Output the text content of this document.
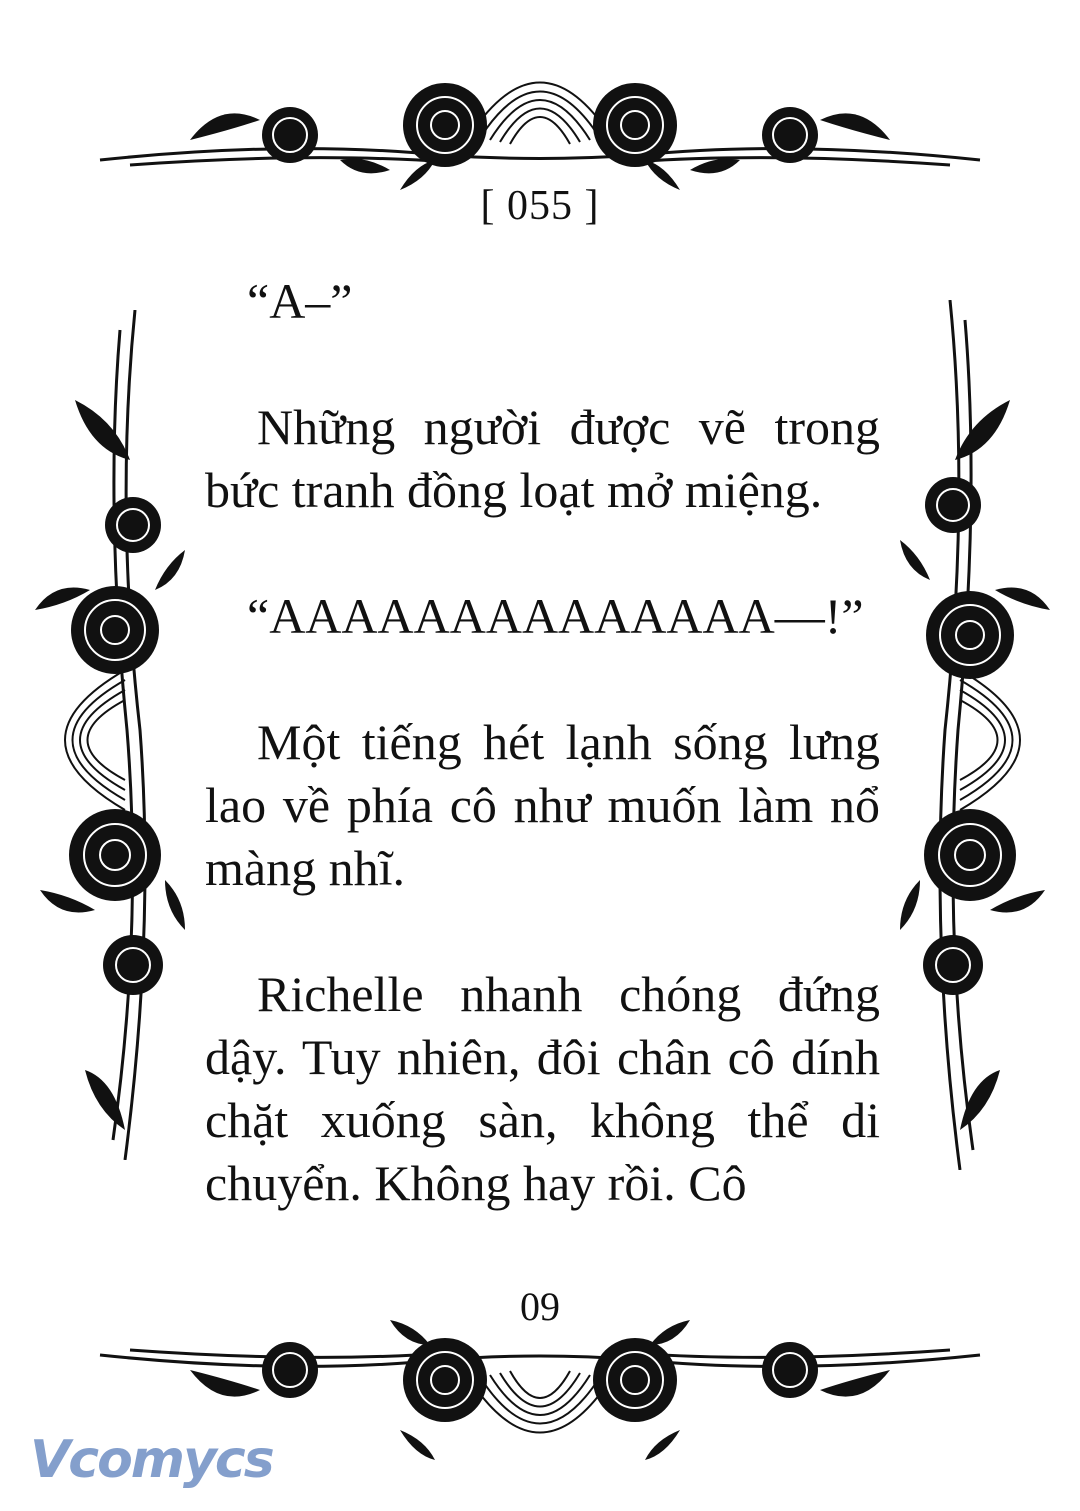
[ 055 ]

“A–”

Những người được vẽ trong bức tranh đồng loạt mở miệng.

“AAAAAAAAAAAAAA—!”

Một tiếng hét lạnh sống lưng lao về phía cô như muốn làm nổ màng nhĩ.

Richelle nhanh chóng đứng dậy. Tuy nhiên, đôi chân cô dính chặt xuống sàn, không thể di chuyển. Không hay rồi. Cô

09
Vcomycs
